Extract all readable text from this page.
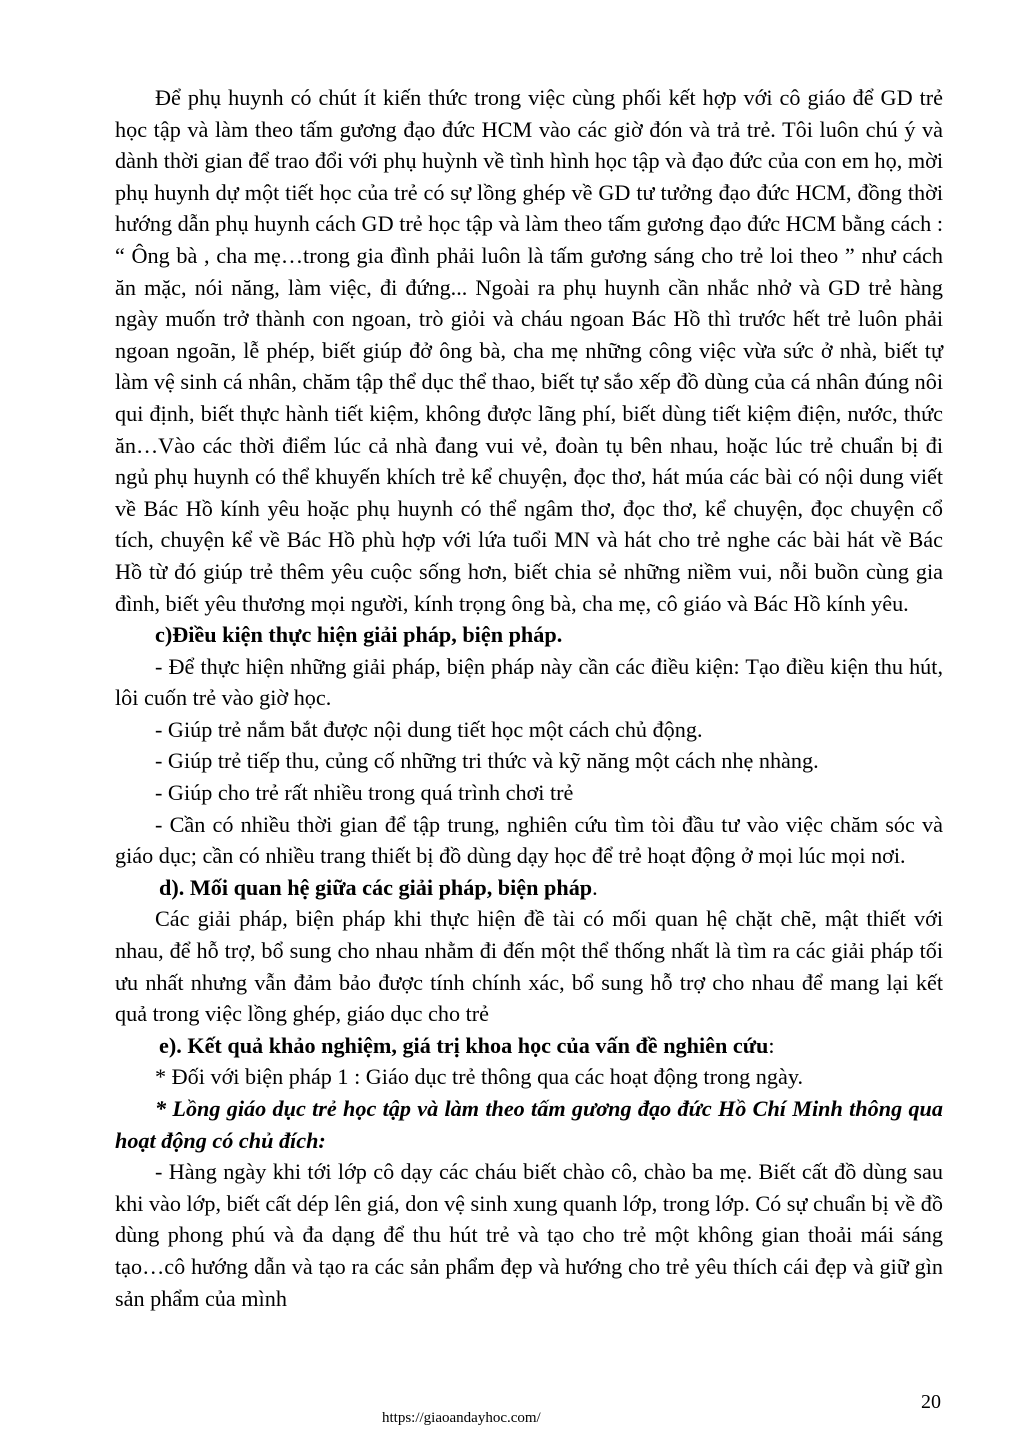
Để phụ huynh có chút ít kiến thức trong việc cùng phối kết hợp với cô giáo để GD trẻ học tập và làm theo tấm gương đạo đức HCM vào các giờ đón và trả trẻ. Tôi luôn chú ý và dành thời gian để trao đổi với phụ huỳnh về tình hình học tập và đạo đức của con em họ, mời phụ huynh dự một tiết học của trẻ có sự lồng ghép về GD tư tưởng đạo đức HCM, đồng thời hướng dẫn phụ huynh cách GD trẻ học tập và làm theo tấm gương đạo đức HCM bằng cách : “ Ông bà , cha mẹ…trong gia đình phải luôn là tấm gương sáng cho trẻ loi theo ” như cách ăn mặc, nói năng, làm việc, đi đứng... Ngoài ra phụ huynh cần nhắc nhở và GD trẻ hàng ngày muốn trở thành con ngoan, trò giỏi và cháu ngoan Bác Hồ thì trước hết trẻ luôn phải ngoan ngoãn, lễ phép, biết giúp đở ông bà, cha mẹ những công việc vừa sức ở nhà, biết tự làm vệ sinh cá nhân, chăm tập thể dục thể thao, biết tự sắo xếp đồ dùng của cá nhân đúng nôi qui định, biết thực hành tiết kiệm, không được lãng phí, biết dùng tiết kiệm điện, nước, thức ăn…Vào các thời điểm lúc cả nhà đang vui vẻ, đoàn tụ bên nhau, hoặc lúc trẻ chuẩn bị đi ngủ phụ huynh có thể khuyến khích trẻ kể chuyện, đọc thơ, hát múa các bài có nội dung viết về Bác Hồ kính yêu hoặc phụ huynh có thể ngâm thơ, đọc thơ, kể chuyện, đọc chuyện cổ tích, chuyện kể về Bác Hồ phù hợp với lứa tuổi MN và hát cho trẻ nghe các bài hát về Bác Hồ từ đó giúp trẻ thêm yêu cuộc sống hơn, biết chia sẻ những niềm vui, nỗi buồn cùng gia đình, biết yêu thương mọi người, kính trọng ông bà, cha mẹ, cô giáo và Bác Hồ kính yêu.

c)Điều kiện thực hiện giải pháp, biện pháp.

- Để thực hiện những giải pháp, biện pháp này cần các điều kiện: Tạo điều kiện thu hút, lôi cuốn trẻ vào giờ học.

- Giúp trẻ nắm bắt được nội dung tiết học một cách chủ động.

- Giúp trẻ tiếp thu, củng cố những tri thức và kỹ năng một cách nhẹ nhàng.

- Giúp cho trẻ rất nhiều trong quá trình chơi trẻ

- Cần có nhiều thời gian để tập trung, nghiên cứu tìm tòi đầu tư vào việc chăm sóc và giáo dục; cần có nhiều trang thiết bị đồ dùng dạy học để trẻ hoạt động ở mọi lúc mọi nơi.

d). Mối quan hệ giữa các giải pháp, biện pháp.

Các giải pháp, biện pháp khi thực hiện đề tài có mối quan hệ chặt chẽ, mật thiết với nhau, để hỗ trợ, bổ sung cho nhau nhằm đi đến một thể thống nhất là tìm ra các giải pháp tối ưu nhất nhưng vẫn đảm bảo được tính chính xác, bổ sung hỗ trợ cho nhau để mang lại kết quả trong việc lồng ghép, giáo dục cho trẻ

e). Kết quả khảo nghiệm, giá trị khoa học của vấn đề nghiên cứu:

* Đối với biện pháp 1 : Giáo dục trẻ thông qua các hoạt động trong ngày.

* Lồng giáo dục trẻ học tập và làm theo tấm gương đạo đức Hồ Chí Minh thông qua hoạt động có chủ đích:

- Hàng ngày khi tới lớp cô dạy các cháu biết chào cô, chào ba mẹ. Biết cất đồ dùng sau khi vào lớp, biết cất dép lên giá, don vệ sinh xung quanh lớp, trong lớp. Có sự chuẩn bị về đồ dùng phong phú và đa dạng để thu hút trẻ và tạo cho trẻ một không gian thoải mái sáng tạo…cô hướng dẫn và tạo ra các sản phẩm đẹp và hướng cho trẻ yêu thích cái đẹp và giữ gìn sản phẩm của mình

20
https://giaoandayhoc.com/
